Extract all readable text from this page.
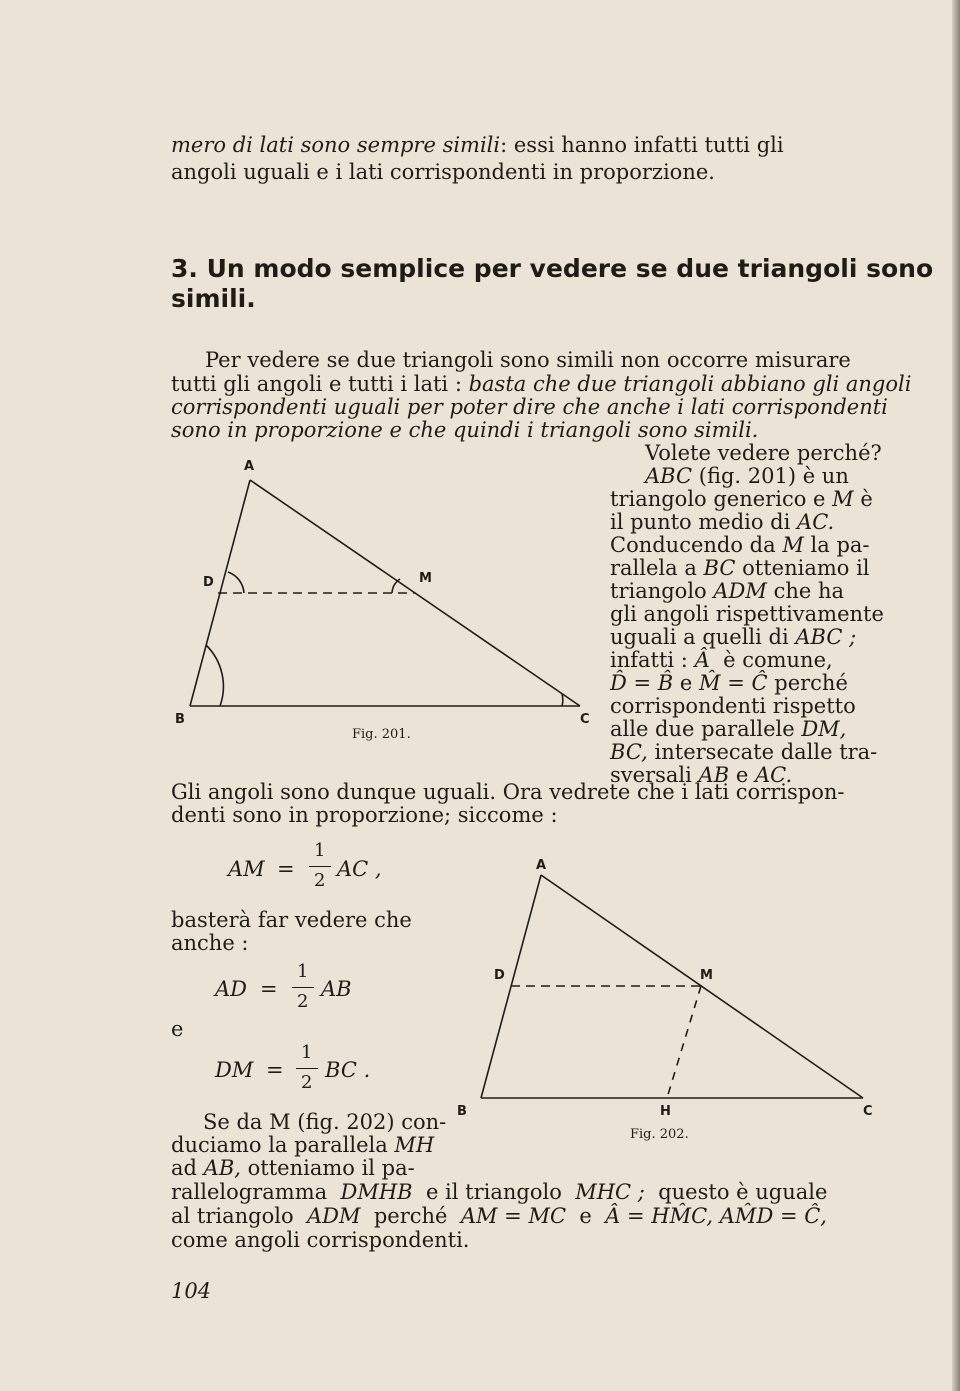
mero di lati sono sempre simili: essi hanno infatti tutti gli
angoli uguali e i lati corrispondenti in proporzione.
3. Un modo semplice per vedere se due triangoli sono
simili.
Per vedere se due triangoli sono simili non occorre misurare
tutti gli angoli e tutti i lati : basta che due triangoli abbiano gli angoli
corrispondenti uguali per poter dire che anche i lati corrispondenti
sono in proporzione e che quindi i triangoli sono simili.
Volete vedere perché?
ABC (fig. 201) è un
triangolo generico e M è
il punto medio di AC.
Conducendo da M la pa-
rallela a BC otteniamo il
triangolo ADM che ha
gli angoli rispettivamente
uguali a quelli di ABC ;
infatti : Â è comune,
D̂ = B̂ e M̂ = Ĉ perché
corrispondenti rispetto
alle due parallele DM,
BC, intersecate dalle tra-
sversali AB e AC.
A
B	C
D	M
Fig. 201.
Gli angoli sono dunque uguali. Ora vedrete che i lati corrispon-
denti sono in proporzione; siccome :
AM =
1
2 AC ,
basterà far vedere che
anche :
AD =
1
2
AB
e
DM =
1
2
BC .
A
B	C
D	M
H
Fig. 202.
Se da M (fig. 202) con-
duciamo la parallela MH
ad AB, otteniamo il pa-
rallelogramma DMHB e il triangolo MHC ; questo è uguale
al triangolo ADM perché AM = MC e Â = HM̂C, AM̂D = Ĉ,
come angoli corrispondenti.
104
